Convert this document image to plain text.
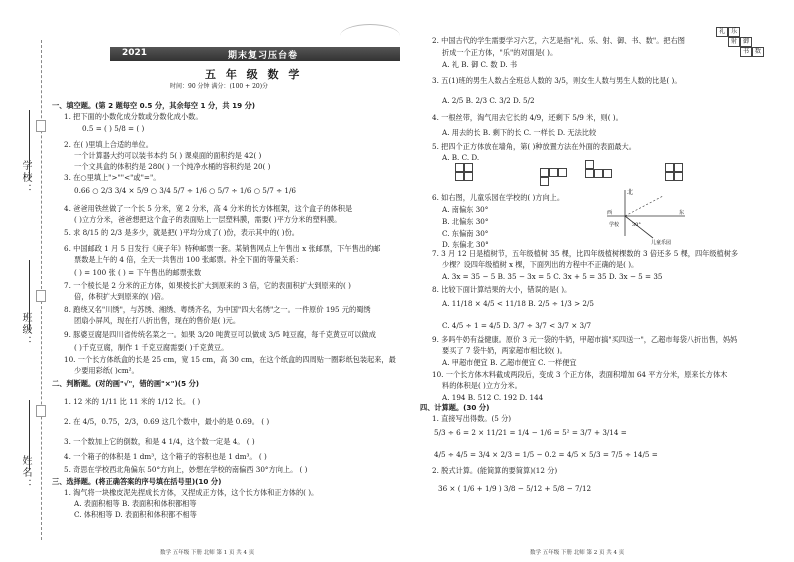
学校：
班级：
姓名：
2021	期末复习压台卷
五 年 级 数 学
时间：90 分钟 满分：(100 + 20)分
一、填空题。(第 2 题每空 0.5 分，其余每空 1 分，共 19 分)
1. 把下面的小数化成分数或分数化成小数。
0.5 = ( ) 5/8 = ( )
2. 在( )里填上合适的单位。
一个计算器大约可以装书本约 5( ) 课桌面的面积约是 42( )
一个文具盒的体积约是 280( ) 一个纯净水桶的容积约是 20( )
3. 在○里填上">""<"或"="。
0.66 ○ 2/3 3/4 × 5/9 ○ 3/4 5/7 ÷ 1/6 ○ 5/7 ÷ 1/6 ○ 5/7 ÷ 1/6
4. 爸爸用铁丝做了一个长 5 分米，宽 2 分米，高 4 分米的长方体框架，这个盒子的体积是
( )立方分米，爸爸想把这个盒子的表面贴上一层塑料膜，需要( )平方分米的塑料膜。
5. 求 8/15 的 2/3 是多少，就是把( )平均分成了( )份，表示其中的( )份。
6. 中国邮政 1 月 5 日发行《庚子年》特种邮票一套。某销售网点上午售出 x 张邮票，下午售出的邮
票数是上午的 4 倍，全天一共售出 100 张邮票。补全下面的等量关系：
( ) = 100 张 ( ) = 下午售出的邮票张数
7. 一个棱长是 2 分米的正方体，如果棱长扩大到原来的 3 倍，它的表面积扩大到原来的( )
倍，体积扩大到原来的( )倍。
8. 跑绕又名"川绣"，与苏绣、湘绣、粤绣齐名，为中国"四大名绣"之一。一件原价 195 元的蜀绣
团扇小屏风，现在打八折出售，现在的售价是( )元。
9. 豚婆豆腐是四川省传统名菜之一。如果 3/20 吨黄豆可以做成 3/5 吨豆腐，每千克黄豆可以做成
( )千克豆腐，制作 1 千克豆腐需要( )千克黄豆。
10. 一个长方体纸盒的长是 25 cm，宽 15 cm，高 30 cm，在这个纸盒的四周贴一圈彩纸包装起来，最
少要用彩纸( )cm²。
二、判断题。(对的画"√"，错的画"×")(5 分)
1. 12 米的 1/11 比 11 米的 1/12 长。 ( )
2. 在 4/5，0.75，2/3，0.69 这几个数中，最小的是 0.69。 ( )
3. 一个数加上它的倒数，和是 4 1/4，这个数一定是 4。 ( )
4. 一个箱子的体积是 1 dm³，这个箱子的容积也是 1 dm³。 ( )
5. 奇思在学校西北角偏东 50°方向上，妙想在学校的南偏西 30°方向上。 ( )
三、选择题。(将正确答案的序号填在括号里)(10 分)
1. 淘气将一块橡皮泥先捏成长方体，又捏成正方体，这个长方体和正方体的( )。
A. 表面积相等 B. 表面积和体积都相等
C. 体积相等 D. 表面积和体积都不相等
2. 中国古代的学生需要学习六艺，六艺是指"礼、乐、射、御、书、数"。把右图
折成一个正方体，"乐"的对面是( )。
A. 礼 B. 御 C. 数 D. 书
3. 五(1)班的男生人数占全班总人数的 3/5，则女生人数与男生人数的比是( )。
A. 2/5 B. 2/3 C. 3/2 D. 5/2
4. 一根丝带，淘气用去它长的 4/9，还剩下 5/9 米，则( )。
A. 用去的长 B. 剩下的长 C. 一样长 D. 无法比较
5. 把四个正方体放在墙角，第( )种放置方法在外面的表面最大。
A. B. C. D.
6. 如右图，儿童乐园在学校的( )方向上。
A. 南偏东 30°
B. 北偏东 30°
C. 东偏南 30°
D. 东偏北 30°
7. 3 月 12 日是植树节，五年级植树 35 棵，比四年级植树棵数的 3 倍还多 5 棵，四年级植树多
少棵？设四年级植树 x 棵，下面列出的方程中不正确的是( )。
A. 3x = 35 − 5 B. 35 − 3x = 5 C. 3x + 5 = 35 D. 3x − 5 = 35
8. 比较下面计算结果的大小，错误的是( )。
A. 11/18 × 4/5 < 11/18 B. 2/5 ÷ 1/3 > 2/5
C. 4/5 ÷ 1 = 4/5 D. 3/7 ÷ 3/7 < 3/7 × 3/7
9. 多吗牛奶有益健康。原价 3 元一袋的牛奶，甲超市搞"买四送一"，乙超市每袋八折出售，妈妈
要买了 7 袋牛奶，两家超市相比较( )。
A. 甲超市便宜 B. 乙超市便宜 C. 一样便宜
10. 一个长方体木料截成两段后，变成 3 个正方体，表面积增加 64 平方分米，原来长方体木
料的体积是( )立方分米。
A. 194 B. 512 C. 192 D. 144
四、计算题。(30 分)
1. 直接写出得数。(5 分)
5/3 ÷ 6 = 2 × 11/21 = 1/4 − 1/6 = 5² = 3/7 + 3/14 =
4/5 ÷ 4/5 = 3/4 × 2/3 = 1/5 − 0.2 = 4/5 × 5/3 = 7/5 ÷ 14/5 =
2. 脱式计算。(能简算的要简算)(12 分)
36 × ( 1/6 + 1/9 ) 3/8 − 5/12 + 5/8 − 7/12
礼 乐
射 御
书 数
北
学校
儿童乐园
30°
东
西
数学 五年级 下册 北师 第 1 页 共 4 页	数学 五年级 下册 北师 第 2 页 共 4 页
